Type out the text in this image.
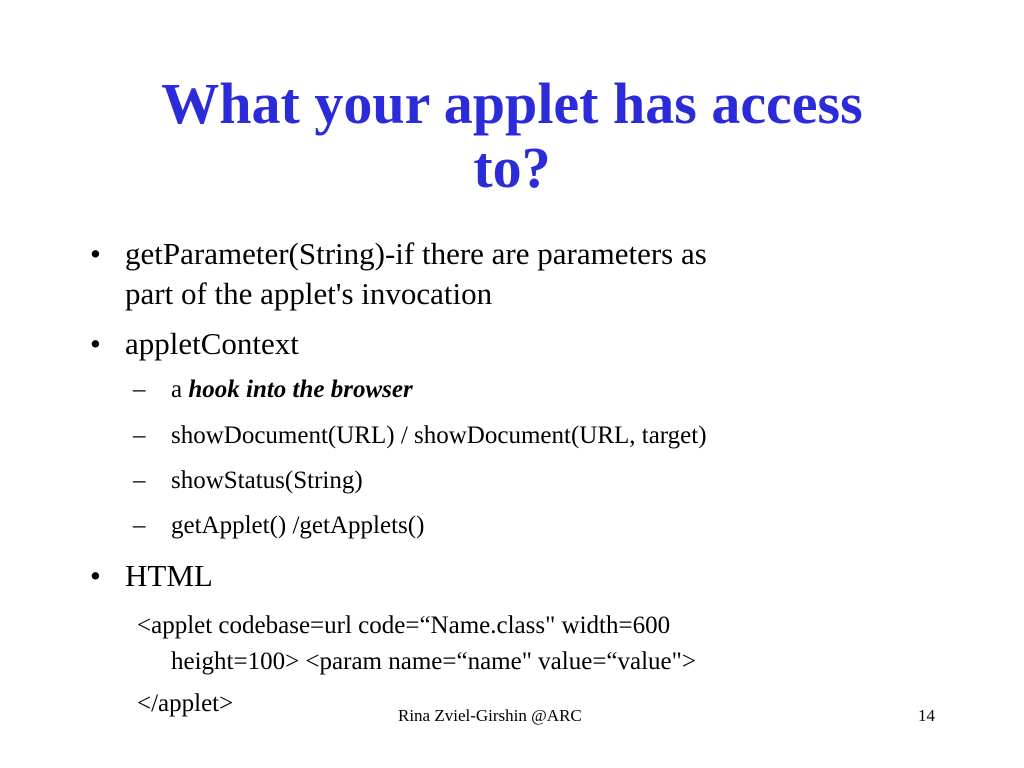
What your applet has access
to?
• getParameter(String)-if there are parameters as
part of the applet's invocation
• appletContext
– a hook into the browser
– showDocument(URL) / showDocument(URL, target)
– showStatus(String)
– getApplet() /getApplets()
• HTML
<applet codebase=url code=“Name.class" width=600
height=100> <param name=“name" value=“value">
</applet>	Rina Zviel-Girshin @ARC	14
